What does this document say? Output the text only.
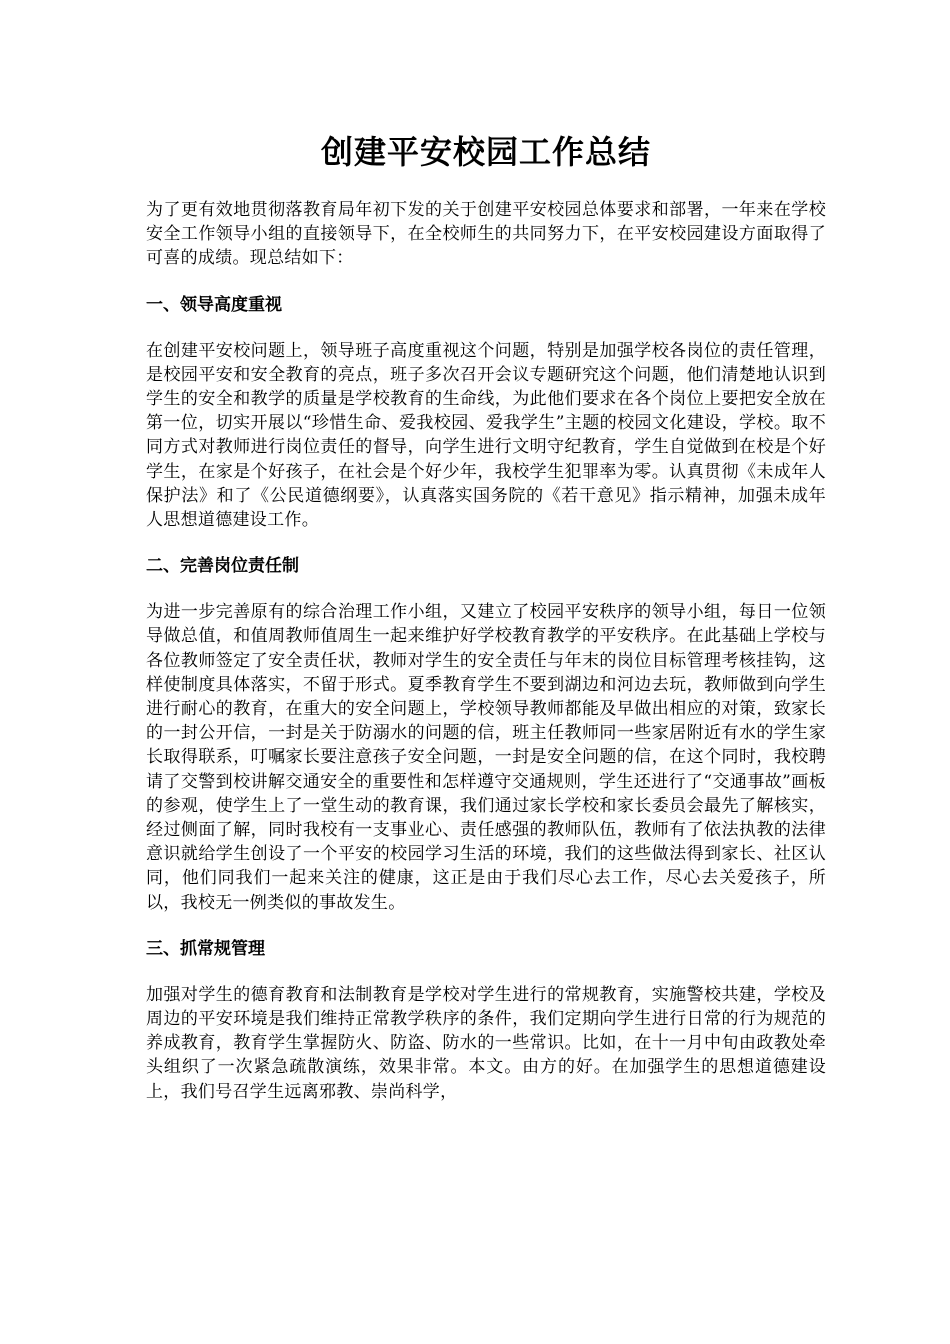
创建平安校园工作总结

为了更有效地贯彻落教育局年初下发的关于创建平安校园总体要求和部署，一年来在学校安全工作领导小组的直接领导下，在全校师生的共同努力下，在平安校园建设方面取得了可喜的成绩。现总结如下：

一、领导高度重视

在创建平安校问题上，领导班子高度重视这个问题，特别是加强学校各岗位的责任管理，是校园平安和安全教育的亮点，班子多次召开会议专题研究这个问题，他们清楚地认识到学生的安全和教学的质量是学校教育的生命线，为此他们要求在各个岗位上要把安全放在第一位，切实开展以“珍惜生命、爱我校园、爱我学生”主题的校园文化建设，学校。取不同方式对教师进行岗位责任的督导，向学生进行文明守纪教育，学生自觉做到在校是个好学生，在家是个好孩子，在社会是个好少年，我校学生犯罪率为零。认真贯彻《未成年人保护法》和了《公民道德纲要》，认真落实国务院的《若干意见》指示精神，加强未成年人思想道德建设工作。

二、完善岗位责任制

为进一步完善原有的综合治理工作小组，又建立了校园平安秩序的领导小组，每日一位领导做总值，和值周教师值周生一起来维护好学校教育教学的平安秩序。在此基础上学校与各位教师签定了安全责任状，教师对学生的安全责任与年末的岗位目标管理考核挂钩，这样使制度具体落实，不留于形式。夏季教育学生不要到湖边和河边去玩，教师做到向学生进行耐心的教育，在重大的安全问题上，学校领导教师都能及早做出相应的对策，致家长的一封公开信，一封是关于防溺水的问题的信，班主任教师同一些家居附近有水的学生家长取得联系，叮嘱家长要注意孩子安全问题，一封是安全问题的信，在这个同时，我校聘请了交警到校讲解交通安全的重要性和怎样遵守交通规则，学生还进行了“交通事故”画板的参观，使学生上了一堂生动的教育课，我们通过家长学校和家长委员会最先了解核实，经过侧面了解，同时我校有一支事业心、责任感强的教师队伍，教师有了依法执教的法律意识就给学生创设了一个平安的校园学习生活的环境，我们的这些做法得到家长、社区认同，他们同我们一起来关注的健康，这正是由于我们尽心去工作，尽心去关爱孩子，所以，我校无一例类似的事故发生。

三、抓常规管理

加强对学生的德育教育和法制教育是学校对学生进行的常规教育，实施警校共建，学校及周边的平安环境是我们维持正常教学秩序的条件，我们定期向学生进行日常的行为规范的养成教育，教育学生掌握防火、防盗、防水的一些常识。比如，在十一月中旬由政教处牵头组织了一次紧急疏散演练，效果非常。本文。由方的好。在加强学生的思想道德建设上，我们号召学生远离邪教、崇尚科学，
